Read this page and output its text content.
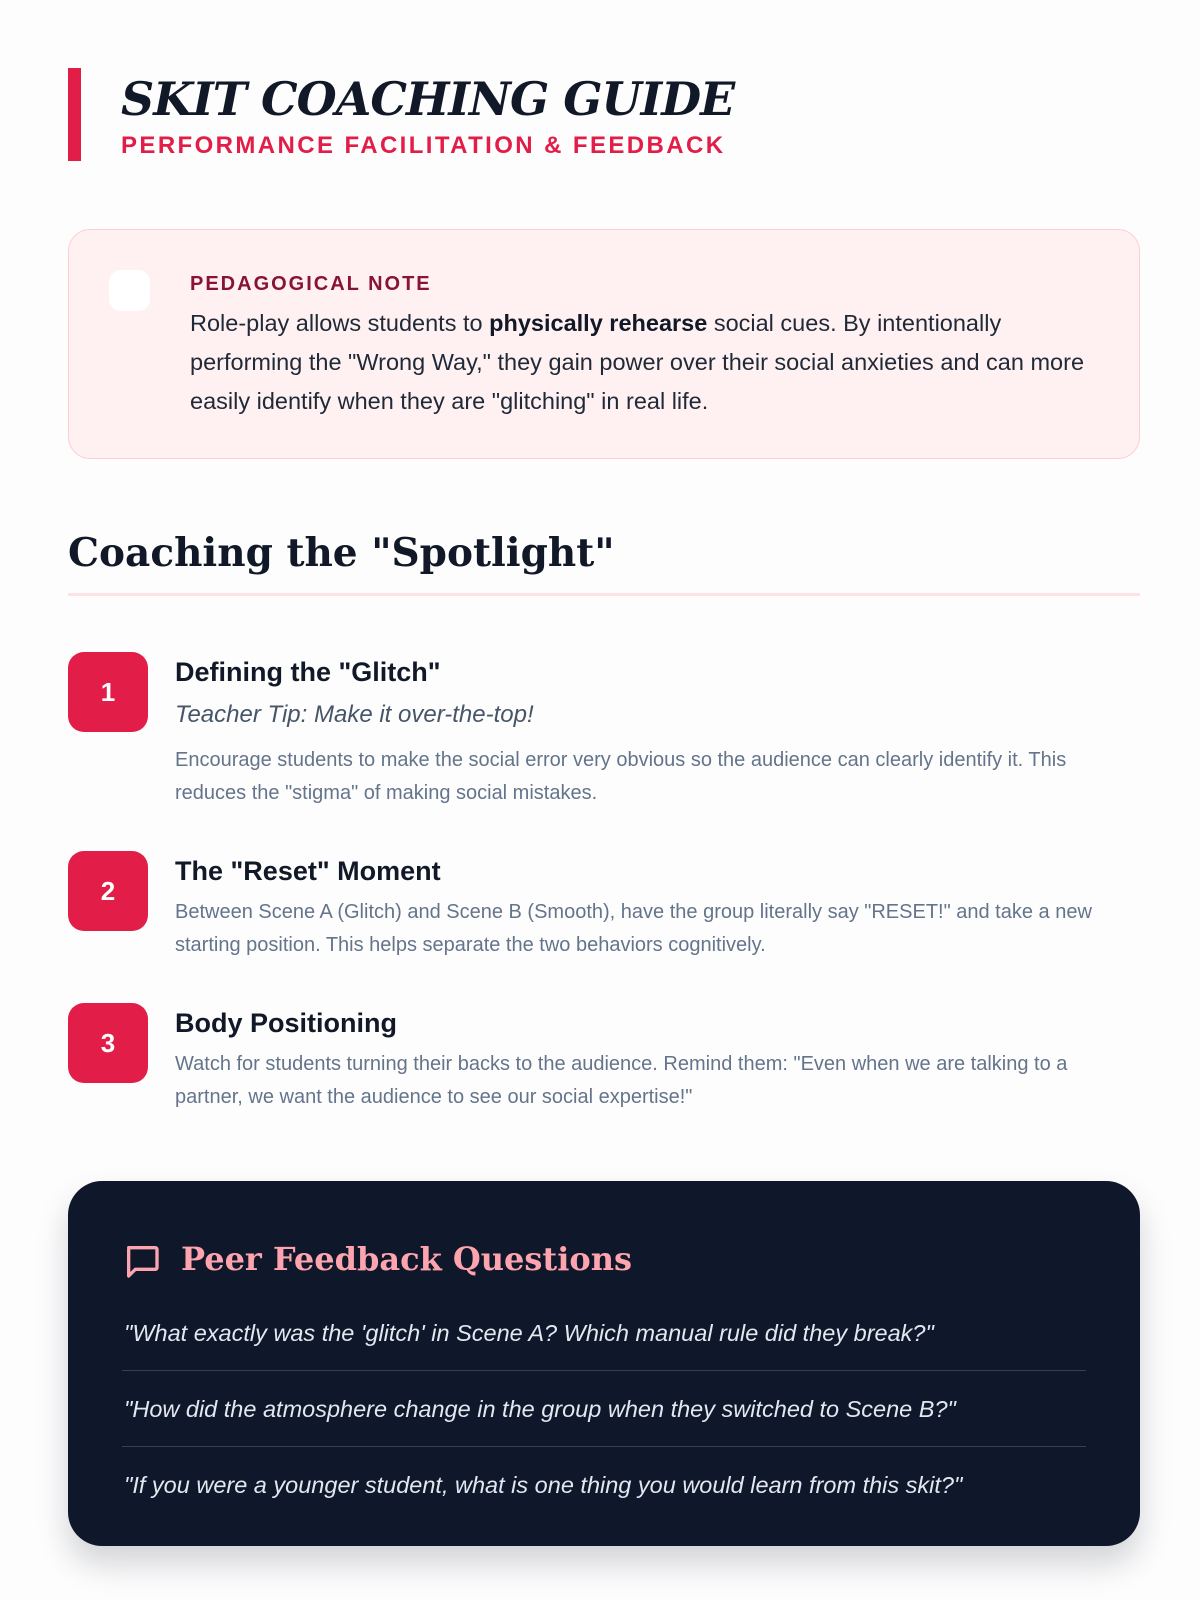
SKIT COACHING GUIDE
PERFORMANCE FACILITATION & FEEDBACK
PEDAGOGICAL NOTE
Role-play allows students to physically rehearse social cues. By intentionally performing the "Wrong Way," they gain power over their social anxieties and can more easily identify when they are "glitching" in real life.
Coaching the "Spotlight"
1
Defining the "Glitch"
Teacher Tip: Make it over-the-top!
Encourage students to make the social error very obvious so the audience can clearly identify it. This reduces the "stigma" of making social mistakes.
2
The "Reset" Moment
Between Scene A (Glitch) and Scene B (Smooth), have the group literally say "RESET!" and take a new starting position. This helps separate the two behaviors cognitively.
3
Body Positioning
Watch for students turning their backs to the audience. Remind them: "Even when we are talking to a partner, we want the audience to see our social expertise!"
Peer Feedback Questions
"What exactly was the 'glitch' in Scene A? Which manual rule did they break?"
"How did the atmosphere change in the group when they switched to Scene B?"
"If you were a younger student, what is one thing you would learn from this skit?"
